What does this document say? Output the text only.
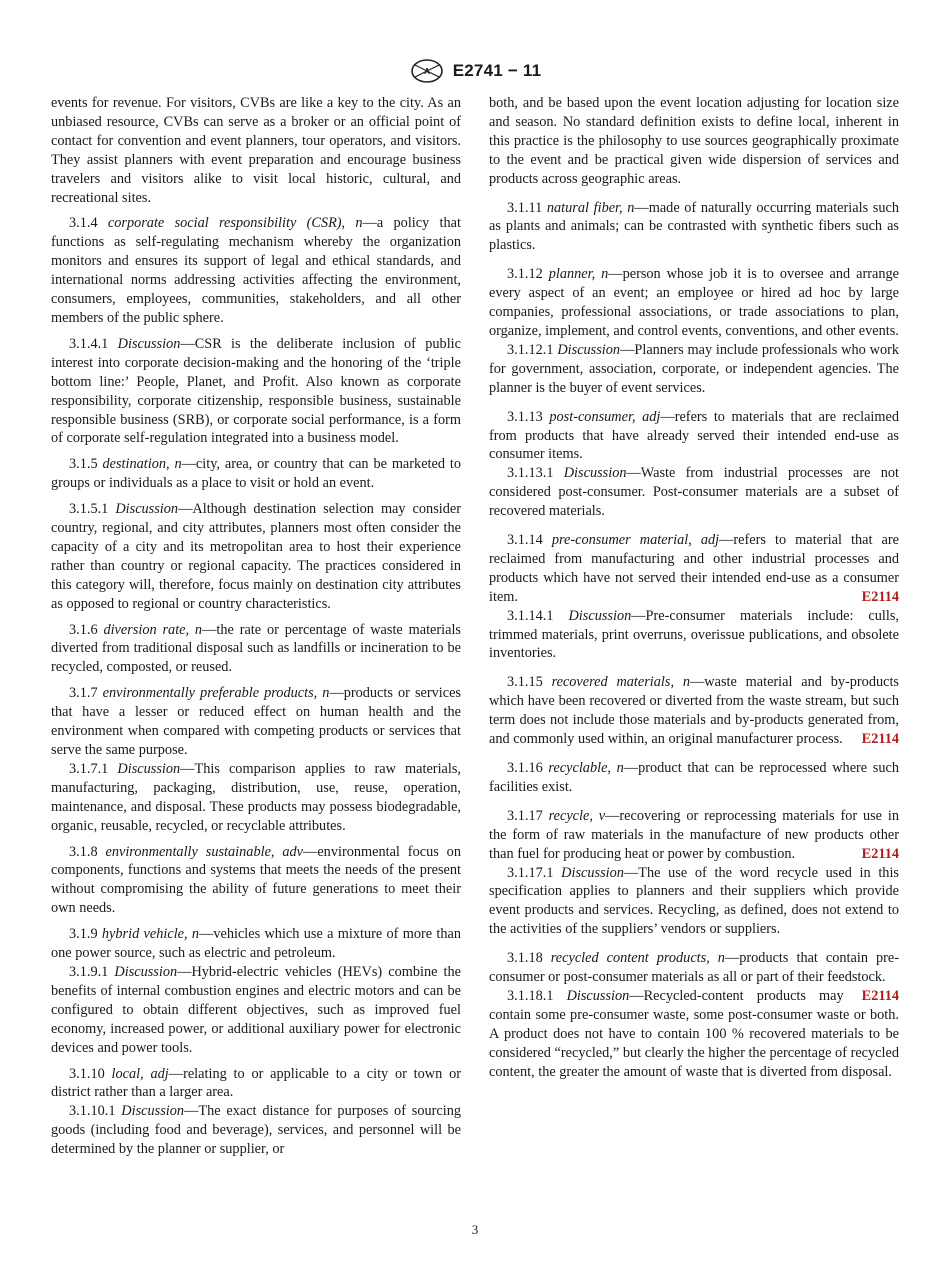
A E2741 − 11

events for revenue. For visitors, CVBs are like a key to the city. As an unbiased resource, CVBs can serve as a broker or an official point of contact for convention and event planners, tour operators, and visitors. They assist planners with event preparation and encourage business travelers and visitors alike to visit local historic, cultural, and recreational sites.

3.1.4 corporate social responsibility (CSR), n—a policy that functions as self-regulating mechanism whereby the organization monitors and ensures its support of legal and ethical standards, and international norms addressing activities affecting the environment, consumers, employees, communities, stakeholders, and all other members of the public sphere.

3.1.4.1 Discussion—CSR is the deliberate inclusion of public interest into corporate decision-making and the honoring of the ‘triple bottom line:’ People, Planet, and Profit. Also known as corporate responsibility, corporate citizenship, responsible business, sustainable responsible business (SRB), or corporate social performance, is a form of corporate self-regulation integrated into a business model.

3.1.5 destination, n—city, area, or country that can be marketed to groups or individuals as a place to visit or hold an event.

3.1.5.1 Discussion—Although destination selection may consider country, regional, and city attributes, planners most often consider the capacity of a city and its metropolitan area to host their experience rather than country or regional capacity. The practices considered in this category will, therefore, focus mainly on destination city attributes as opposed to regional or country characteristics.

3.1.6 diversion rate, n—the rate or percentage of waste materials diverted from traditional disposal such as landfills or incineration to be recycled, composted, or reused.

3.1.7 environmentally preferable products, n—products or services that have a lesser or reduced effect on human health and the environment when compared with competing products or services that serve the same purpose.

3.1.7.1 Discussion—This comparison applies to raw materials, manufacturing, packaging, distribution, use, reuse, operation, maintenance, and disposal. These products may possess biodegradable, organic, reusable, recycled, or recyclable attributes.

3.1.8 environmentally sustainable, adv—environmental focus on components, functions and systems that meets the needs of the present without compromising the ability of future generations to meet their own needs.

3.1.9 hybrid vehicle, n—vehicles which use a mixture of more than one power source, such as electric and petroleum.

3.1.9.1 Discussion—Hybrid-electric vehicles (HEVs) combine the benefits of internal combustion engines and electric motors and can be configured to obtain different objectives, such as improved fuel economy, increased power, or additional auxiliary power for electronic devices and power tools.

3.1.10 local, adj—relating to or applicable to a city or town or district rather than a larger area.

3.1.10.1 Discussion—The exact distance for purposes of sourcing goods (including food and beverage), services, and personnel will be determined by the planner or supplier, or

both, and be based upon the event location adjusting for location size and season. No standard definition exists to define local, inherent in this practice is the philosophy to use sources geographically proximate to the event and be practical given wide dispersion of services and products across geographic areas.

3.1.11 natural fiber, n—made of naturally occurring materials such as plants and animals; can be contrasted with synthetic fibers such as plastics.

3.1.12 planner, n—person whose job it is to oversee and arrange every aspect of an event; an employee or hired ad hoc by large companies, professional associations, or trade associations to plan, organize, implement, and control events, conventions, and other events.

3.1.12.1 Discussion—Planners may include professionals who work for government, association, corporate, or independent agencies. The planner is the buyer of event services.

3.1.13 post-consumer, adj—refers to materials that are reclaimed from products that have already served their intended end-use as consumer items.

3.1.13.1 Discussion—Waste from industrial processes are not considered post-consumer. Post-consumer materials are a subset of recovered materials.

3.1.14 pre-consumer material, adj—refers to material that are reclaimed from manufacturing and other industrial processes and products which have not served their intended end-use as a consumer item.	E2114

3.1.14.1 Discussion—Pre-consumer materials include: culls, trimmed materials, print overruns, overissue publications, and obsolete inventories.

3.1.15 recovered materials, n—waste material and by-products which have been recovered or diverted from the waste stream, but such term does not include those materials and by-products generated from, and commonly used within, an original manufacturer process.	E2114

3.1.16 recyclable, n—product that can be reprocessed where such facilities exist.

3.1.17 recycle, v—recovering or reprocessing materials for use in the form of raw materials in the manufacture of new products other than fuel for producing heat or power by combustion.	E2114

3.1.17.1 Discussion—The use of the word recycle used in this specification applies to planners and their suppliers which provide event products and services. Recycling, as defined, does not extend to the activities of the suppliers’ vendors or suppliers.

3.1.18 recycled content products, n—products that contain pre-consumer or post-consumer materials as all or part of their feedstock.
E2114

3.1.18.1 Discussion—Recycled-content products may contain some pre-consumer waste, some post-consumer waste or both. A product does not have to contain 100 % recovered materials to be considered “recycled,” but clearly the higher the percentage of recycled content, the greater the amount of waste that is diverted from disposal.

3
